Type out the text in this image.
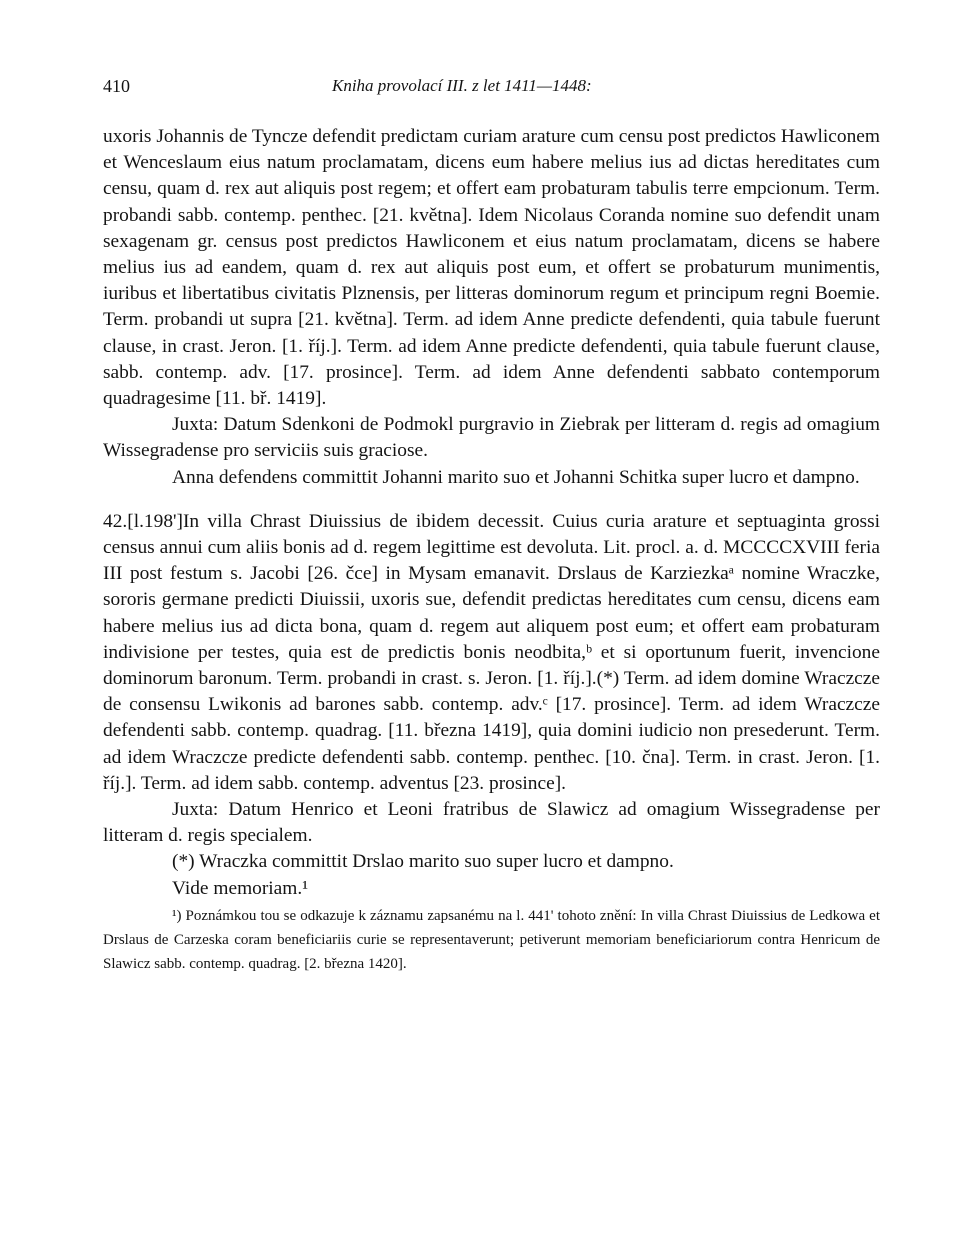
410	Kniha provolací III. z let 1411—1448:

uxoris Johannis de Tyncze defendit predictam curiam arature cum censu post predictos Hawliconem et Wenceslaum eius natum proclamatam, dicens eum habere melius ius ad dictas hereditates cum censu, quam d. rex aut aliquis post regem; et offert eam probaturam tabulis terre empcionum. Term. probandi sabb. contemp. penthec. [21. května]. Idem Nicolaus Coranda nomine suo defendit unam sexagenam gr. census post predictos Hawliconem et eius natum proclamatam, dicens se habere melius ius ad eandem, quam d. rex aut aliquis post eum, et offert se probaturum munimentis, iuribus et libertatibus civitatis Plznensis, per litteras dominorum regum et principum regni Boemie. Term. probandi ut supra [21. května]. Term. ad idem Anne predicte defendenti, quia tabule fuerunt clause, in crast. Jeron. [1. říj.]. Term. ad idem Anne predicte defendenti, quia tabule fuerunt clause, sabb. contemp. adv. [17. prosince]. Term. ad idem Anne defendenti sabbato contemporum quadragesime [11. bř. 1419].

Juxta: Datum Sdenkoni de Podmokl purgravio in Ziebrak per litteram d. regis ad omagium Wissegradense pro serviciis suis graciose.

Anna defendens committit Johanni marito suo et Johanni Schitka super lucro et dampno.

42.[l.198']In villa Chrast Diuissius de ibidem decessit. Cuius curia arature et septuaginta grossi census annui cum aliis bonis ad d. regem legittime est devoluta. Lit. procl. a. d. MCCCCXVIII feria III post festum s. Jacobi [26. čce] in Mysam emanavit. Drslaus de Karziezkaᵃ nomine Wraczke, sororis germane predicti Diuissii, uxoris sue, defendit predictas hereditates cum censu, dicens eam habere melius ius ad dicta bona, quam d. regem aut aliquem post eum; et offert eam probaturam indivisione per testes, quia est de predictis bonis neodbita,ᵇ et si oportunum fuerit, invencione dominorum baronum. Term. probandi in crast. s. Jeron. [1. říj.].(*) Term. ad idem domine Wraczcze de consensu Lwikonis ad barones sabb. contemp. adv.ᶜ [17. prosince]. Term. ad idem Wraczcze defendenti sabb. contemp. quadrag. [11. března 1419], quia domini iudicio non presederunt. Term. ad idem Wraczcze predicte defendenti sabb. contemp. penthec. [10. čna]. Term. in crast. Jeron. [1. říj.]. Term. ad idem sabb. contemp. adventus [23. prosince].

Juxta: Datum Henrico et Leoni fratribus de Slawicz ad omagium Wissegradense per litteram d. regis specialem.

(*) Wraczka committit Drslao marito suo super lucro et dampno.

Vide memoriam.¹

¹) Poznámkou tou se odkazuje k záznamu zapsanému na l. 441' tohoto znění: In villa Chrast Diuissius de Ledkowa et Drslaus de Carzeska coram beneficiariis curie se representaverunt; petiverunt memoriam beneficiariorum contra Henricum de Slawicz sabb. contemp. quadrag. [2. března 1420].
